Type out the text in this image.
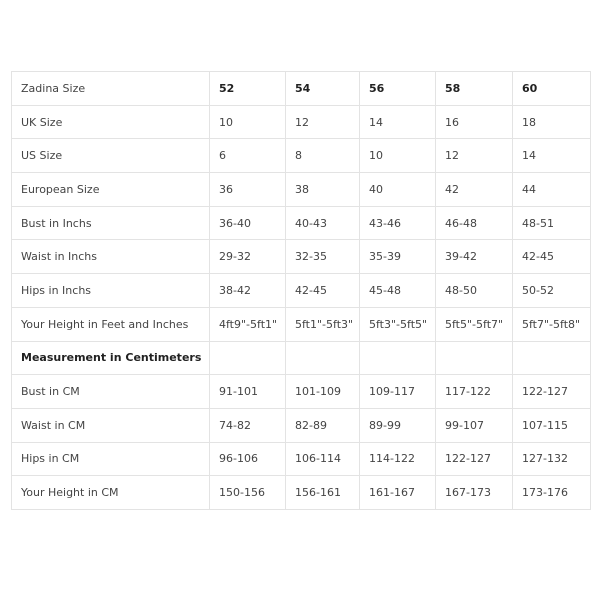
Zadina Size	52	54	56	58	60
UK Size	10	12	14	16	18
US Size	6	8	10	12	14
European Size	36	38	40	42	44
Bust in Inchs	36-40	40-43	43-46	46-48	48-51
Waist in Inchs	29-32	32-35	35-39	39-42	42-45
Hips in Inchs	38-42	42-45	45-48	48-50	50-52
Your Height in Feet and Inches	4ft9"-5ft1"	5ft1"-5ft3"	5ft3"-5ft5"	5ft5"-5ft7"	5ft7"-5ft8"
Measurement in Centimeters					
Bust in CM	91-101	101-109	109-117	117-122	122-127
Waist in CM	74-82	82-89	89-99	99-107	107-115
Hips in CM	96-106	106-114	114-122	122-127	127-132
Your Height in CM	150-156	156-161	161-167	167-173	173-176
